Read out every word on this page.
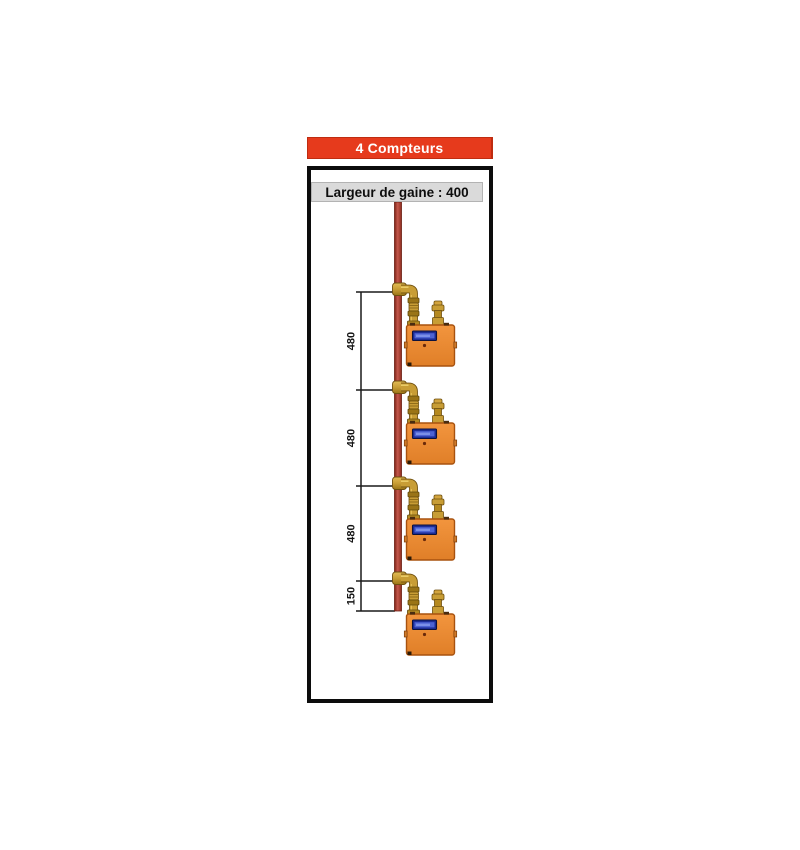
4 Compteurs
480
480
480
150
Largeur de gaine : 400
